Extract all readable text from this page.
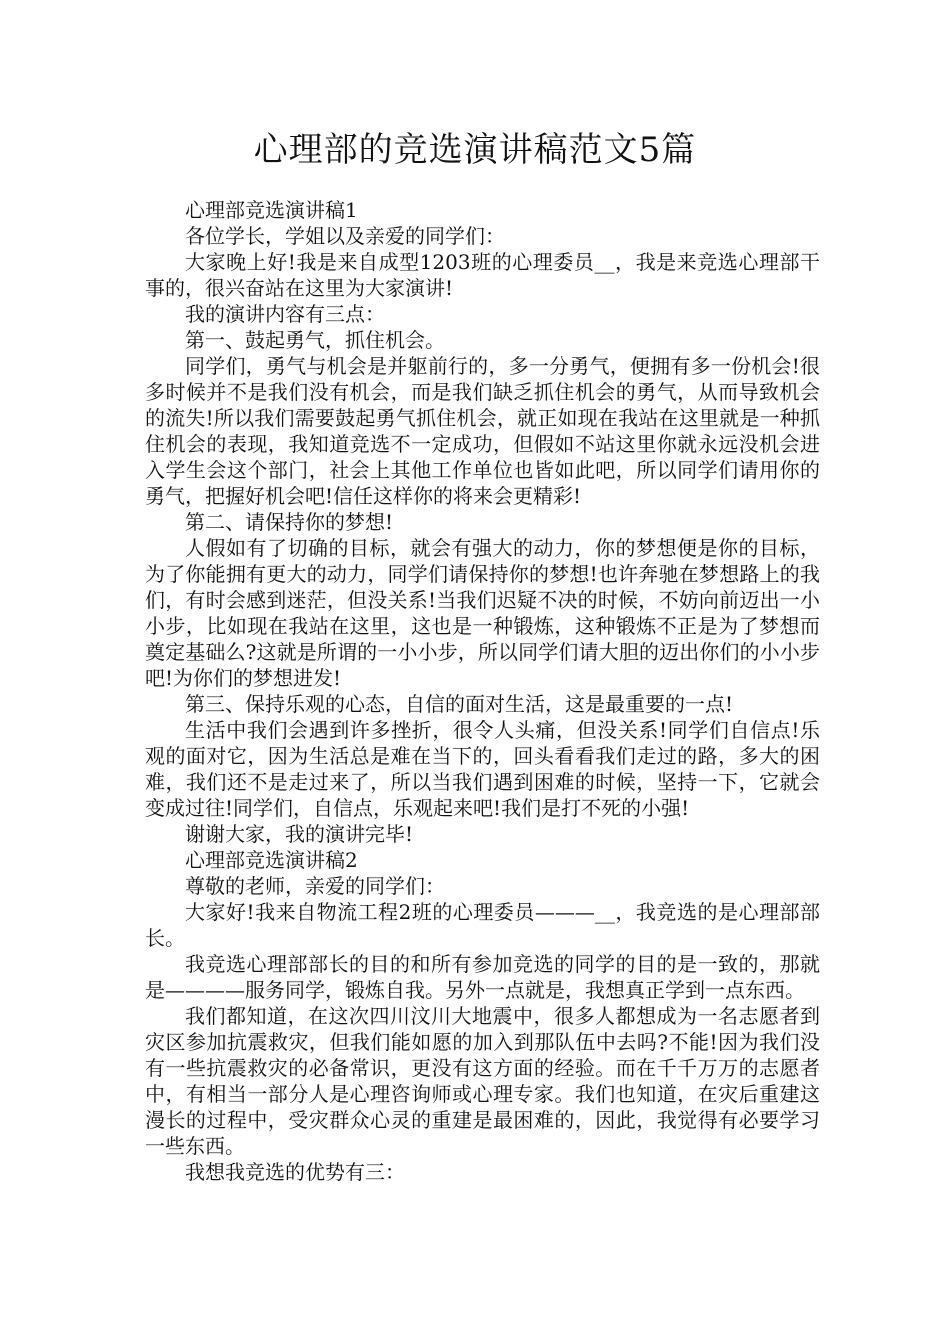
心理部的竞选演讲稿范文5篇

心理部竞选演讲稿1

各位学长，学姐以及亲爱的同学们：

大家晚上好!我是来自成型1203班的心理委员__，我是来竞选心理部干事的，很兴奋站在这里为大家演讲!

我的演讲内容有三点：

第一、鼓起勇气，抓住机会。

同学们，勇气与机会是并躯前行的，多一分勇气，便拥有多一份机会!很多时候并不是我们没有机会，而是我们缺乏抓住机会的勇气，从而导致机会的流失!所以我们需要鼓起勇气抓住机会，就正如现在我站在这里就是一种抓住机会的表现，我知道竞选不一定成功，但假如不站这里你就永远没机会进入学生会这个部门，社会上其他工作单位也皆如此吧，所以同学们请用你的勇气，把握好机会吧!信任这样你的将来会更精彩!

第二、请保持你的梦想!

人假如有了切确的目标，就会有强大的动力，你的梦想便是你的目标，为了你能拥有更大的动力，同学们请保持你的梦想!也许奔驰在梦想路上的我们，有时会感到迷茫，但没关系!当我们迟疑不决的时候，不妨向前迈出一小小步，比如现在我站在这里，这也是一种锻炼，这种锻炼不正是为了梦想而奠定基础么?这就是所谓的一小小步，所以同学们请大胆的迈出你们的小小步吧!为你们的梦想进发!

第三、保持乐观的心态，自信的面对生活，这是最重要的一点!

生活中我们会遇到许多挫折，很令人头痛，但没关系!同学们自信点!乐观的面对它，因为生活总是难在当下的，回头看看我们走过的路，多大的困难，我们还不是走过来了，所以当我们遇到困难的时候，坚持一下，它就会变成过往!同学们，自信点，乐观起来吧!我们是打不死的小强!

谢谢大家，我的演讲完毕!

心理部竞选演讲稿2

尊敬的老师，亲爱的同学们：

大家好!我来自物流工程2班的心理委员———__，我竞选的是心理部部长。

我竞选心理部部长的目的和所有参加竞选的同学的目的是一致的，那就是————服务同学，锻炼自我。另外一点就是，我想真正学到一点东西。

我们都知道，在这次四川汶川大地震中，很多人都想成为一名志愿者到灾区参加抗震救灾，但我们能如愿的加入到那队伍中去吗?不能!因为我们没有一些抗震救灾的必备常识，更没有这方面的经验。而在千千万万的志愿者中，有相当一部分人是心理咨询师或心理专家。我们也知道，在灾后重建这漫长的过程中，受灾群众心灵的重建是最困难的，因此，我觉得有必要学习一些东西。

我想我竞选的优势有三：
